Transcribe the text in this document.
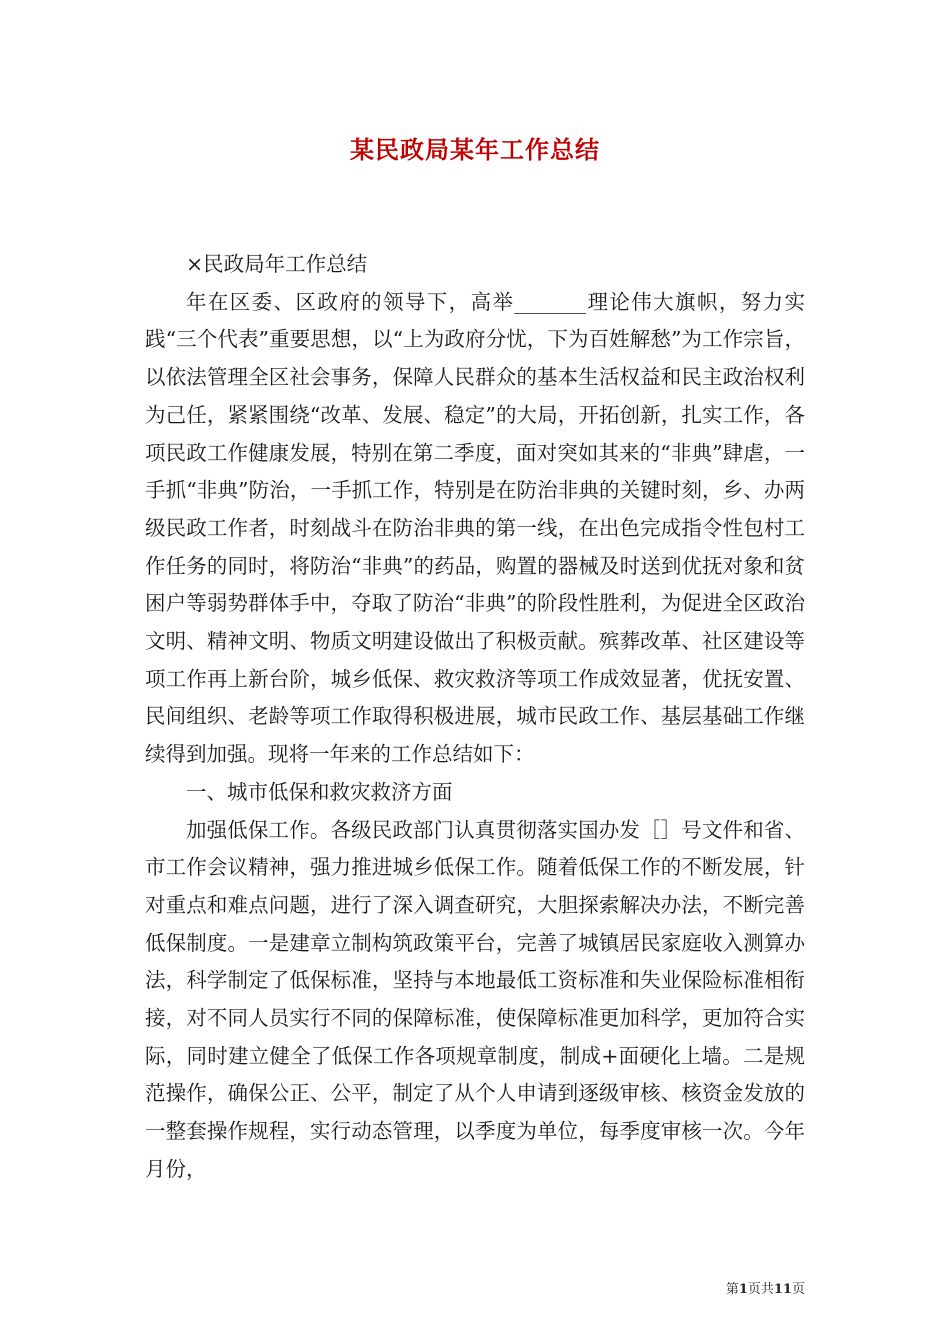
某民政局某年工作总结

×民政局年工作总结

年在区委、区政府的领导下，高举_______理论伟大旗帜，努力实践“三个代表”重要思想，以“上为政府分忧，下为百姓解愁”为工作宗旨，以依法管理全区社会事务，保障人民群众的基本生活权益和民主政治权利为己任，紧紧围绕“改革、发展、稳定”的大局，开拓创新，扎实工作，各项民政工作健康发展，特别在第二季度，面对突如其来的“非典”肆虐，一手抓“非典”防治，一手抓工作，特别是在防治非典的关键时刻，乡、办两级民政工作者，时刻战斗在防治非典的第一线，在出色完成指令性包村工作任务的同时，将防治“非典”的药品，购置的器械及时送到优抚对象和贫困户等弱势群体手中，夺取了防治“非典”的阶段性胜利，为促进全区政治文明、精神文明、物质文明建设做出了积极贡献。殡葬改革、社区建设等项工作再上新台阶，城乡低保、救灾救济等项工作成效显著，优抚安置、民间组织、老龄等项工作取得积极进展，城市民政工作、基层基础工作继续得到加强。现将一年来的工作总结如下：

一、城市低保和救灾救济方面

加强低保工作。各级民政部门认真贯彻落实国办发［］号文件和省、市工作会议精神，强力推进城乡低保工作。随着低保工作的不断发展，针对重点和难点问题，进行了深入调查研究，大胆探索解决办法，不断完善低保制度。一是建章立制构筑政策平台，完善了城镇居民家庭收入测算办法，科学制定了低保标准，坚持与本地最低工资标准和失业保险标准相衔接，对不同人员实行不同的保障标准，使保障标准更加科学，更加符合实际，同时建立健全了低保工作各项规章制度，制成+面硬化上墙。二是规范操作，确保公正、公平，制定了从个人申请到逐级审核、核资金发放的一整套操作规程，实行动态管理，以季度为单位，每季度审核一次。今年月份，

第1页共11页
